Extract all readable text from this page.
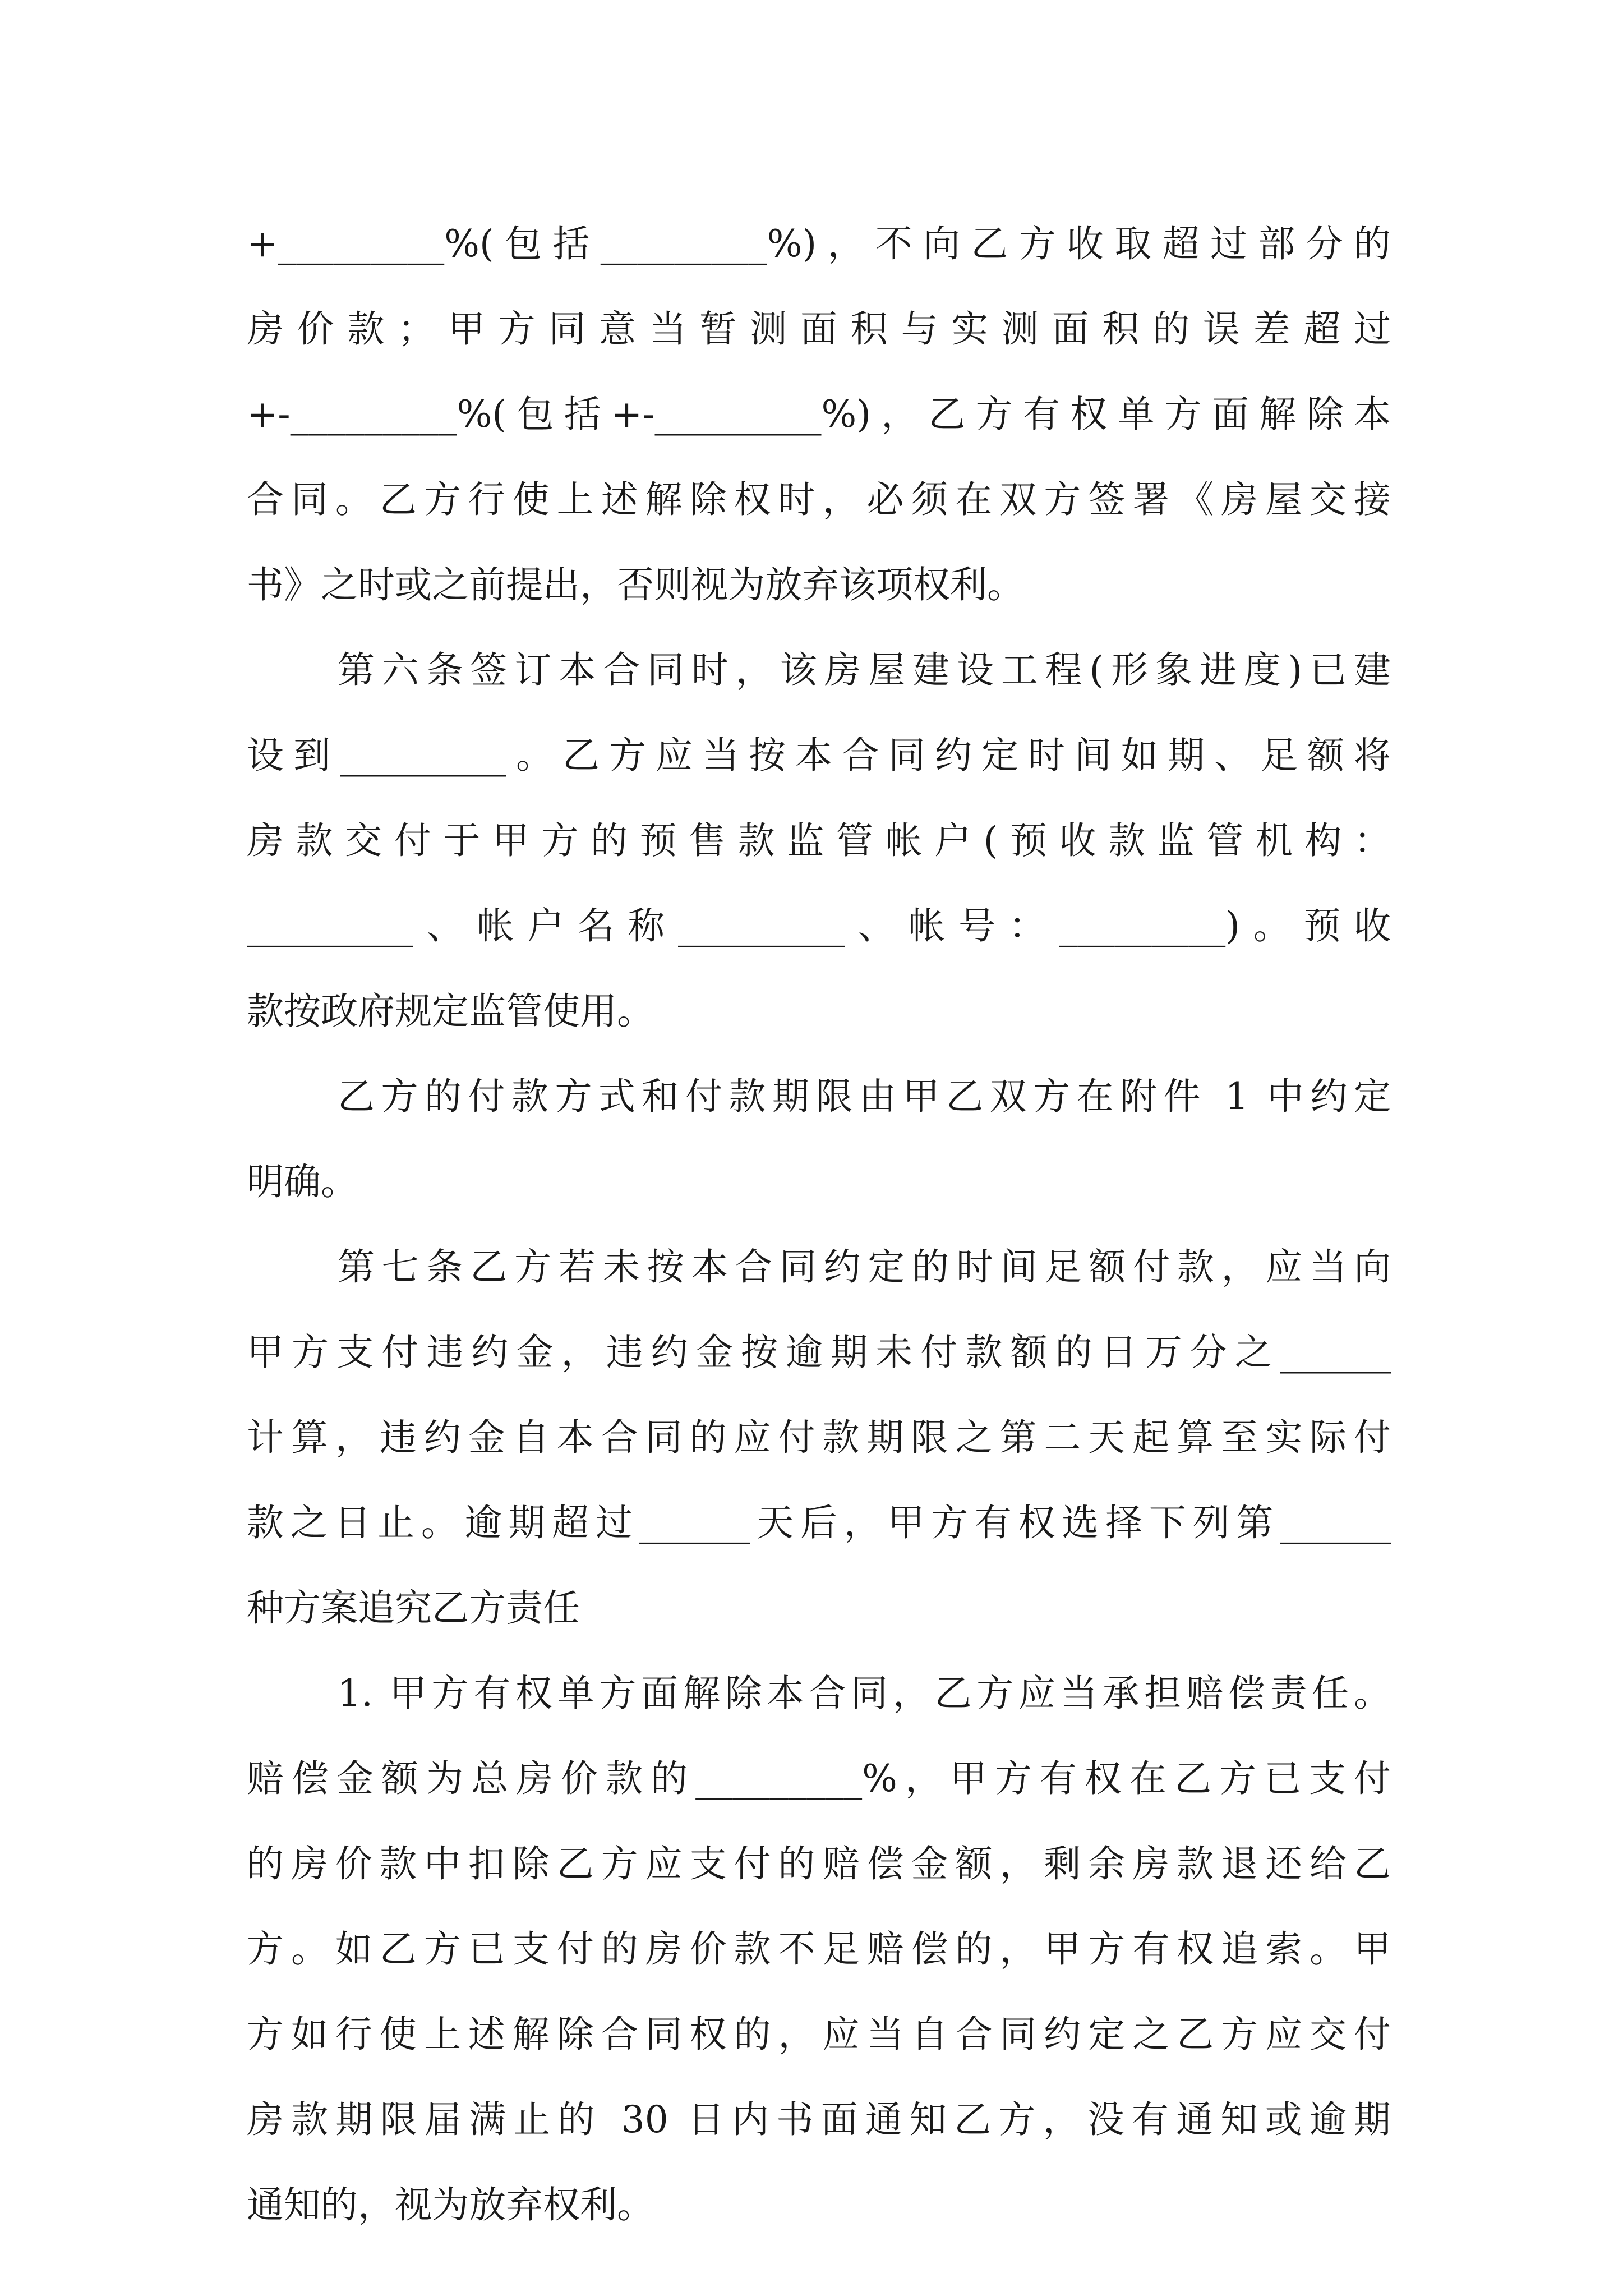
+_________%(包括_________%)，不向乙方收取超过部分的
房价款；甲方同意当暂测面积与实测面积的误差超过
+-_________%(包括+-_________%)，乙方有权单方面解除本
合同。乙方行使上述解除权时，必须在双方签署《房屋交接
书》之时或之前提出，否则视为放弃该项权利。
第六条签订本合同时，该房屋建设工程(形象进度)已建
设到_________。乙方应当按本合同约定时间如期、足额将
房款交付于甲方的预售款监管帐户(预收款监管机构：
_________、帐户名称_________、帐号：_________)。预收
款按政府规定监管使用。
乙方的付款方式和付款期限由甲乙双方在附件 1 中约定
明确。
第七条乙方若未按本合同约定的时间足额付款，应当向
甲方支付违约金，违约金按逾期未付款额的日万分之______
计算，违约金自本合同的应付款期限之第二天起算至实际付
款之日止。逾期超过______天后，甲方有权选择下列第______
种方案追究乙方责任
1. 甲方有权单方面解除本合同，乙方应当承担赔偿责任。
赔偿金额为总房价款的_________%，甲方有权在乙方已支付
的房价款中扣除乙方应支付的赔偿金额，剩余房款退还给乙
方。如乙方已支付的房价款不足赔偿的，甲方有权追索。甲
方如行使上述解除合同权的，应当自合同约定之乙方应交付
房款期限届满止的 30 日内书面通知乙方，没有通知或逾期
通知的，视为放弃权利。
